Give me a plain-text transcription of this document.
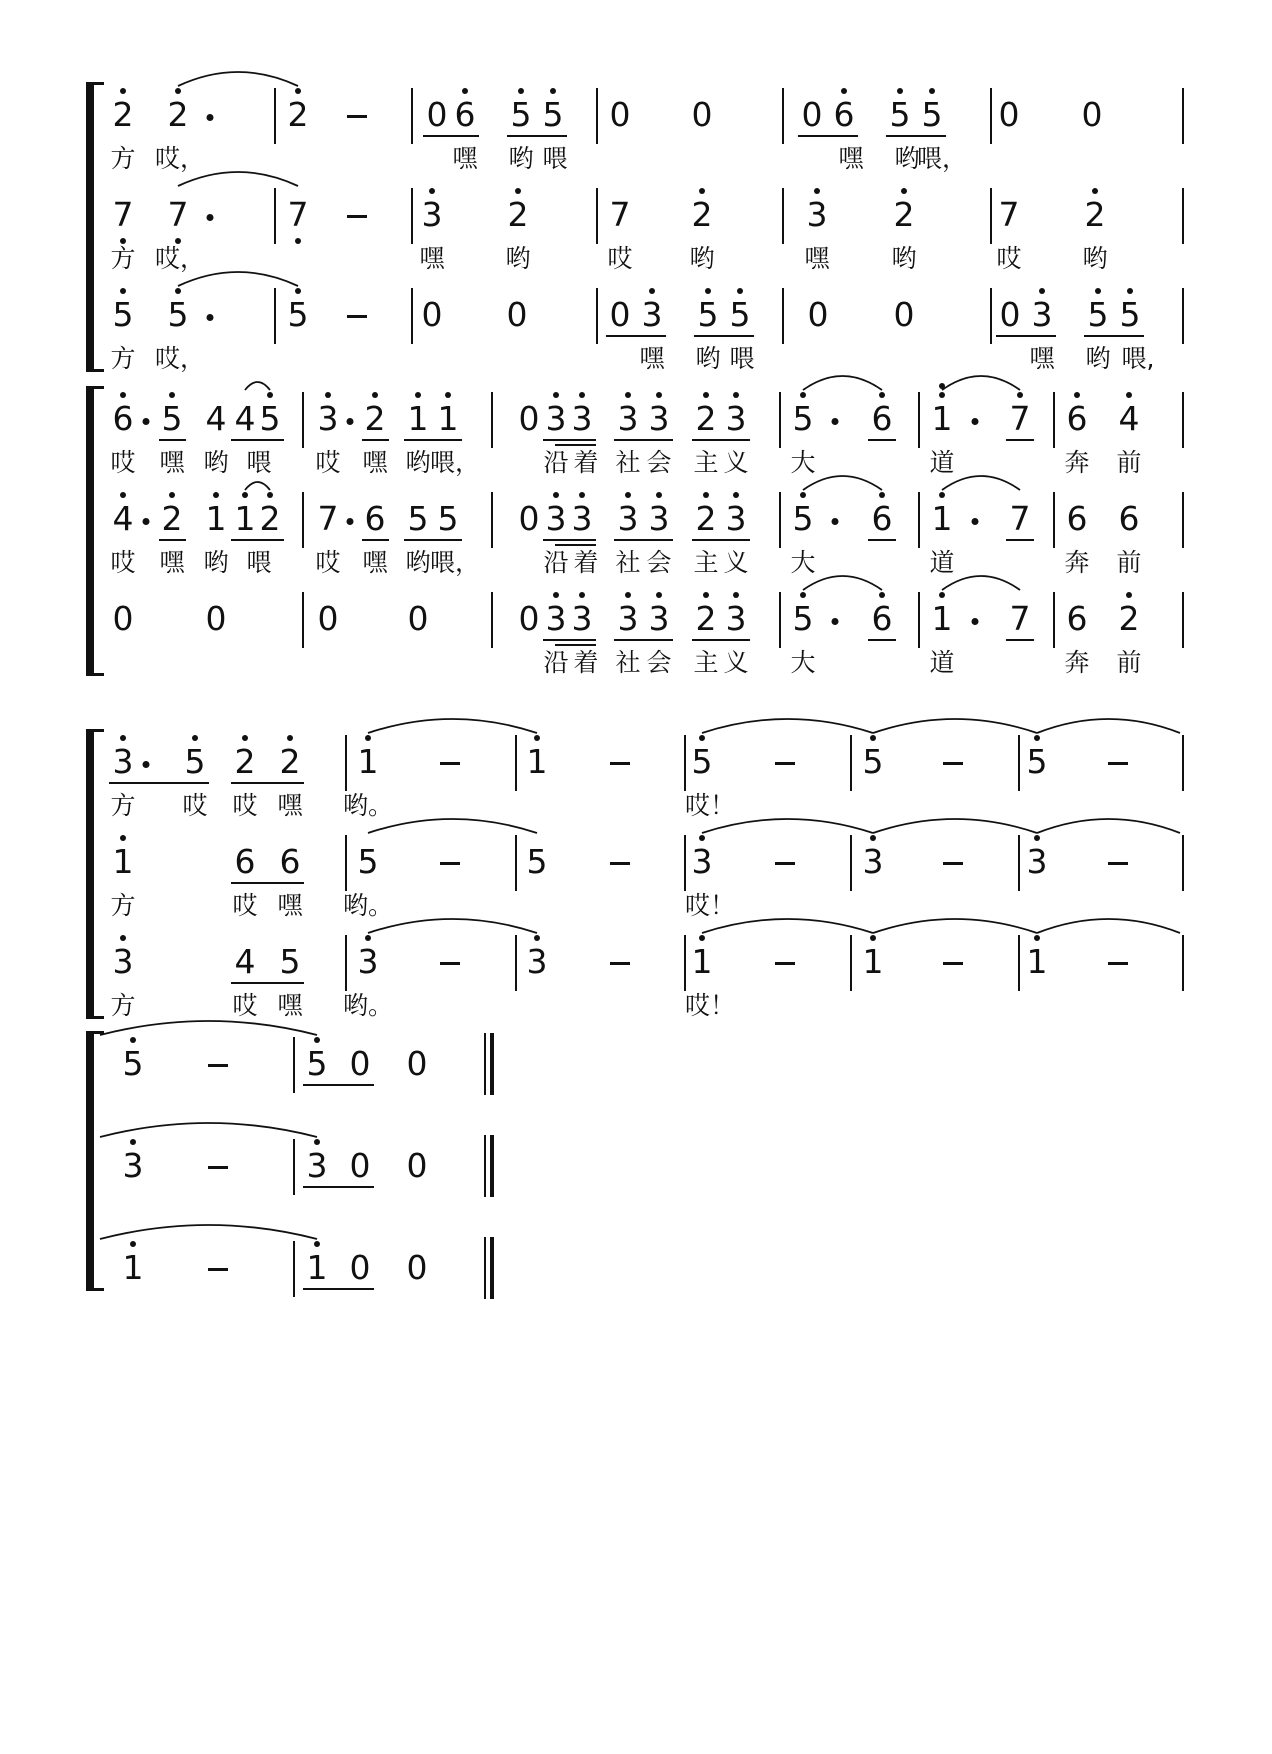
2 2	2	0 6 5 5 0 0	0 6 5 5 0 0
方 哎，	嘿 哟 喂	嘿 哟
喂，
7 7	7	3 2 7 2	3 2	7 2
方 哎，	嘿 哟	哎 哟	嘿 哟	哎 哟
5 5	5	0 0 0 3 5 5 0 0	0 3 5 5
方 哎，	嘿 哟 喂	嘿 哟 喂,
6 5 4 4 5 3 2 1 1 0 3 3 3 3 2 3 5 6 1 7 6 4
哎 嘿 哟 喂 哎 嘿 哟 喂，	沿 着 社 会 主 义 大	道	奔 前
4 2 1 1 2 7 6 5 5 0 3 3 3 3 2 3 5 6 1 7 6 6
哎 嘿 哟 喂 哎 嘿 哟 喂，	沿 着 社 会 主 义 大	道	奔 前
0 0	0 0	0 3 3 3 3 2 3 5 6 1 7 6 2
沿 着 社 会 主 义 大	道	奔 前
3 5 2 2 1	1	5	5	5
方 哎 哎 嘿 哟。	哎！
1	6 6 5	5	3	3	3
方	哎 嘿 哟。	哎！
3	4 5 3	3	1	1	1
方	哎 嘿 哟。	哎！
5	5 0 0
3	3 0 0
1	1 0 0
